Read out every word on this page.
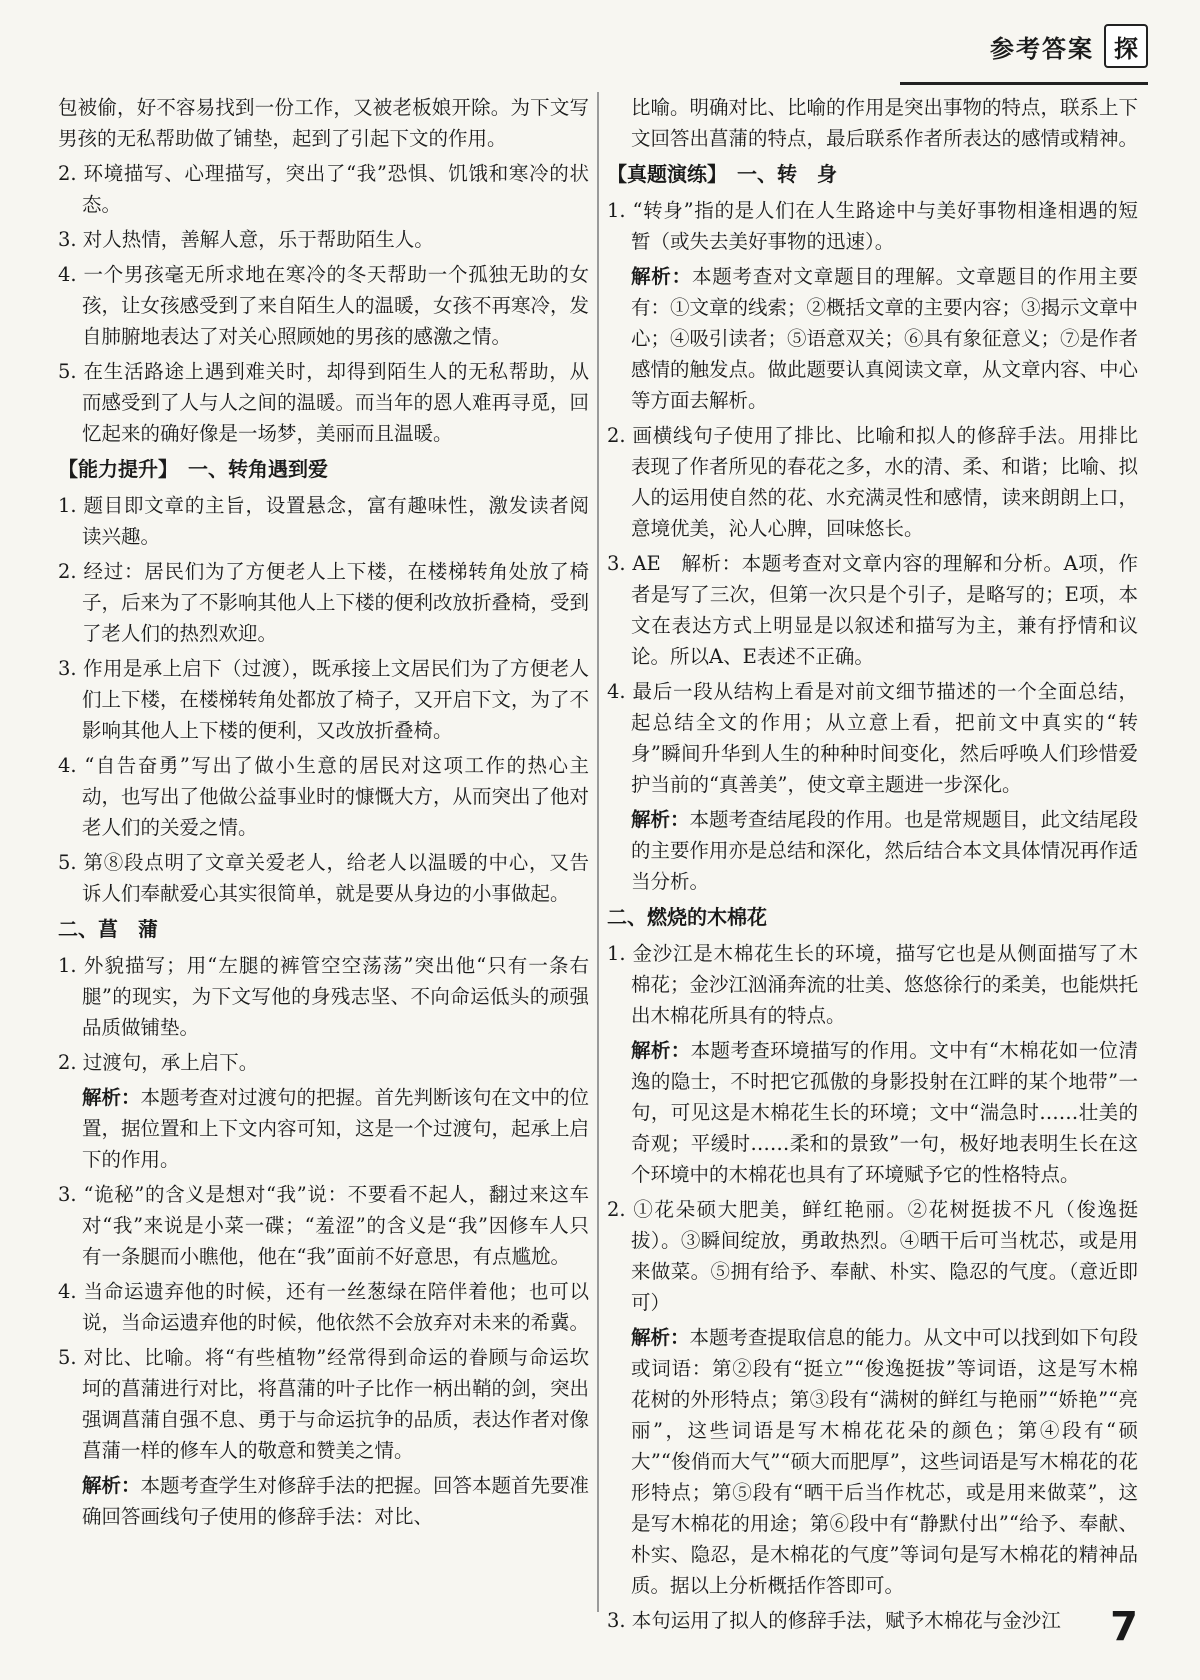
参考答案 探

包被偷，好不容易找到一份工作，又被老板娘开除。为下文写男孩的无私帮助做了铺垫，起到了引起下文的作用。

2. 环境描写、心理描写，突出了“我”恐惧、饥饿和寒冷的状态。

3. 对人热情，善解人意，乐于帮助陌生人。

4. 一个男孩毫无所求地在寒冷的冬天帮助一个孤独无助的女孩，让女孩感受到了来自陌生人的温暖，女孩不再寒冷，发自肺腑地表达了对关心照顾她的男孩的感激之情。

5. 在生活路途上遇到难关时，却得到陌生人的无私帮助，从而感受到了人与人之间的温暖。而当年的恩人难再寻觅，回忆起来的确好像是一场梦，美丽而且温暖。

【能力提升】 一、转角遇到爱

1. 题目即文章的主旨，设置悬念，富有趣味性，激发读者阅读兴趣。

2. 经过：居民们为了方便老人上下楼，在楼梯转角处放了椅子，后来为了不影响其他人上下楼的便利改放折叠椅，受到了老人们的热烈欢迎。

3. 作用是承上启下（过渡），既承接上文居民们为了方便老人们上下楼，在楼梯转角处都放了椅子，又开启下文，为了不影响其他人上下楼的便利，又改放折叠椅。

4. “自告奋勇”写出了做小生意的居民对这项工作的热心主动，也写出了他做公益事业时的慷慨大方，从而突出了他对老人们的关爱之情。

5. 第⑧段点明了文章关爱老人，给老人以温暖的中心，又告诉人们奉献爱心其实很简单，就是要从身边的小事做起。

二、菖　蒲

1. 外貌描写；用“左腿的裤管空空荡荡”突出他“只有一条右腿”的现实，为下文写他的身残志坚、不向命运低头的顽强品质做铺垫。

2. 过渡句，承上启下。

解析：本题考查对过渡句的把握。首先判断该句在文中的位置，据位置和上下文内容可知，这是一个过渡句，起承上启下的作用。

3. “诡秘”的含义是想对“我”说：不要看不起人，翻过来这车对“我”来说是小菜一碟；“羞涩”的含义是“我”因修车人只有一条腿而小瞧他，他在“我”面前不好意思，有点尴尬。

4. 当命运遗弃他的时候，还有一丝葱绿在陪伴着他；也可以说，当命运遗弃他的时候，他依然不会放弃对未来的希冀。

5. 对比、比喻。将“有些植物”经常得到命运的眷顾与命运坎坷的菖蒲进行对比，将菖蒲的叶子比作一柄出鞘的剑，突出强调菖蒲自强不息、勇于与命运抗争的品质，表达作者对像菖蒲一样的修车人的敬意和赞美之情。

解析：本题考查学生对修辞手法的把握。回答本题首先要准确回答画线句子使用的修辞手法：对比、

比喻。明确对比、比喻的作用是突出事物的特点，联系上下文回答出菖蒲的特点，最后联系作者所表达的感情或精神。

【真题演练】 一、转　身

1. “转身”指的是人们在人生路途中与美好事物相逢相遇的短暂（或失去美好事物的迅速）。

解析：本题考查对文章题目的理解。文章题目的作用主要有：①文章的线索；②概括文章的主要内容；③揭示文章中心；④吸引读者；⑤语意双关；⑥具有象征意义；⑦是作者感情的触发点。做此题要认真阅读文章，从文章内容、中心等方面去解析。

2. 画横线句子使用了排比、比喻和拟人的修辞手法。用排比表现了作者所见的春花之多，水的清、柔、和谐；比喻、拟人的运用使自然的花、水充满灵性和感情，读来朗朗上口，意境优美，沁人心脾，回味悠长。

3. AE　解析：本题考查对文章内容的理解和分析。A项，作者是写了三次，但第一次只是个引子，是略写的；E项，本文在表达方式上明显是以叙述和描写为主，兼有抒情和议论。所以A、E表述不正确。

4. 最后一段从结构上看是对前文细节描述的一个全面总结，起总结全文的作用；从立意上看，把前文中真实的“转身”瞬间升华到人生的种种时间变化，然后呼唤人们珍惜爱护当前的“真善美”，使文章主题进一步深化。

解析：本题考查结尾段的作用。也是常规题目，此文结尾段的主要作用亦是总结和深化，然后结合本文具体情况再作适当分析。

二、燃烧的木棉花

1. 金沙江是木棉花生长的环境，描写它也是从侧面描写了木棉花；金沙江汹涌奔流的壮美、悠悠徐行的柔美，也能烘托出木棉花所具有的特点。

解析：本题考查环境描写的作用。文中有“木棉花如一位清逸的隐士，不时把它孤傲的身影投射在江畔的某个地带”一句，可见这是木棉花生长的环境；文中“湍急时……壮美的奇观；平缓时……柔和的景致”一句，极好地表明生长在这个环境中的木棉花也具有了环境赋予它的性格特点。

2. ①花朵硕大肥美，鲜红艳丽。②花树挺拔不凡（俊逸挺拔）。③瞬间绽放，勇敢热烈。④晒干后可当枕芯，或是用来做菜。⑤拥有给予、奉献、朴实、隐忍的气度。（意近即可）

解析：本题考查提取信息的能力。从文中可以找到如下句段或词语：第②段有“挺立”“俊逸挺拔”等词语，这是写木棉花树的外形特点；第③段有“满树的鲜红与艳丽”“娇艳”“亮丽”，这些词语是写木棉花花朵的颜色；第④段有“硕大”“俊俏而大气”“硕大而肥厚”，这些词语是写木棉花的花形特点；第⑤段有“晒干后当作枕芯，或是用来做菜”，这是写木棉花的用途；第⑥段中有“静默付出”“给予、奉献、朴实、隐忍，是木棉花的气度”等词句是写木棉花的精神品质。据以上分析概括作答即可。

3. 本句运用了拟人的修辞手法，赋予木棉花与金沙江	7
